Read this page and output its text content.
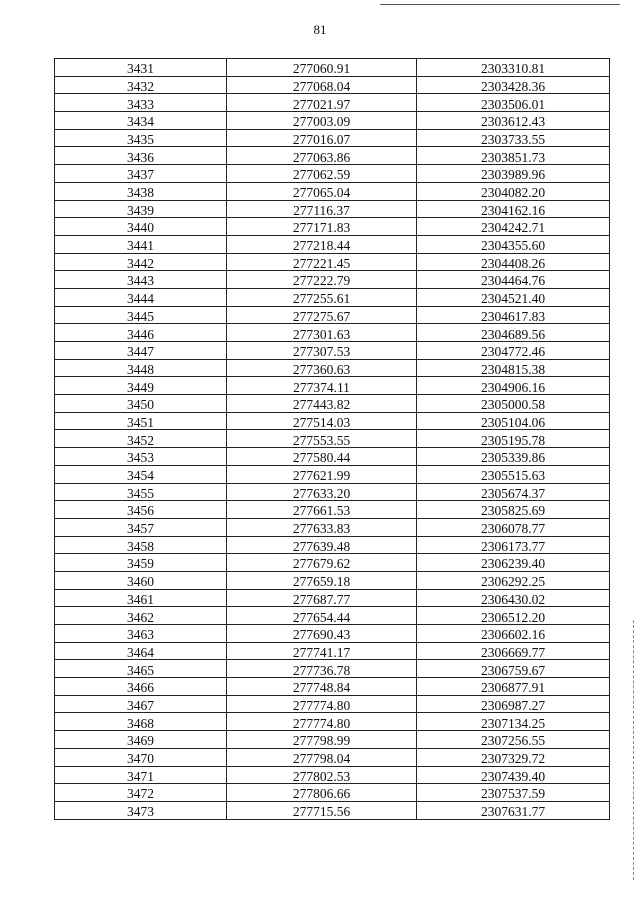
81
3431	277060.91	2303310.81
3432	277068.04	2303428.36
3433	277021.97	2303506.01
3434	277003.09	2303612.43
3435	277016.07	2303733.55
3436	277063.86	2303851.73
3437	277062.59	2303989.96
3438	277065.04	2304082.20
3439	277116.37	2304162.16
3440	277171.83	2304242.71
3441	277218.44	2304355.60
3442	277221.45	2304408.26
3443	277222.79	2304464.76
3444	277255.61	2304521.40
3445	277275.67	2304617.83
3446	277301.63	2304689.56
3447	277307.53	2304772.46
3448	277360.63	2304815.38
3449	277374.11	2304906.16
3450	277443.82	2305000.58
3451	277514.03	2305104.06
3452	277553.55	2305195.78
3453	277580.44	2305339.86
3454	277621.99	2305515.63
3455	277633.20	2305674.37
3456	277661.53	2305825.69
3457	277633.83	2306078.77
3458	277639.48	2306173.77
3459	277679.62	2306239.40
3460	277659.18	2306292.25
3461	277687.77	2306430.02
3462	277654.44	2306512.20
3463	277690.43	2306602.16
3464	277741.17	2306669.77
3465	277736.78	2306759.67
3466	277748.84	2306877.91
3467	277774.80	2306987.27
3468	277774.80	2307134.25
3469	277798.99	2307256.55
3470	277798.04	2307329.72
3471	277802.53	2307439.40
3472	277806.66	2307537.59
3473	277715.56	2307631.77
